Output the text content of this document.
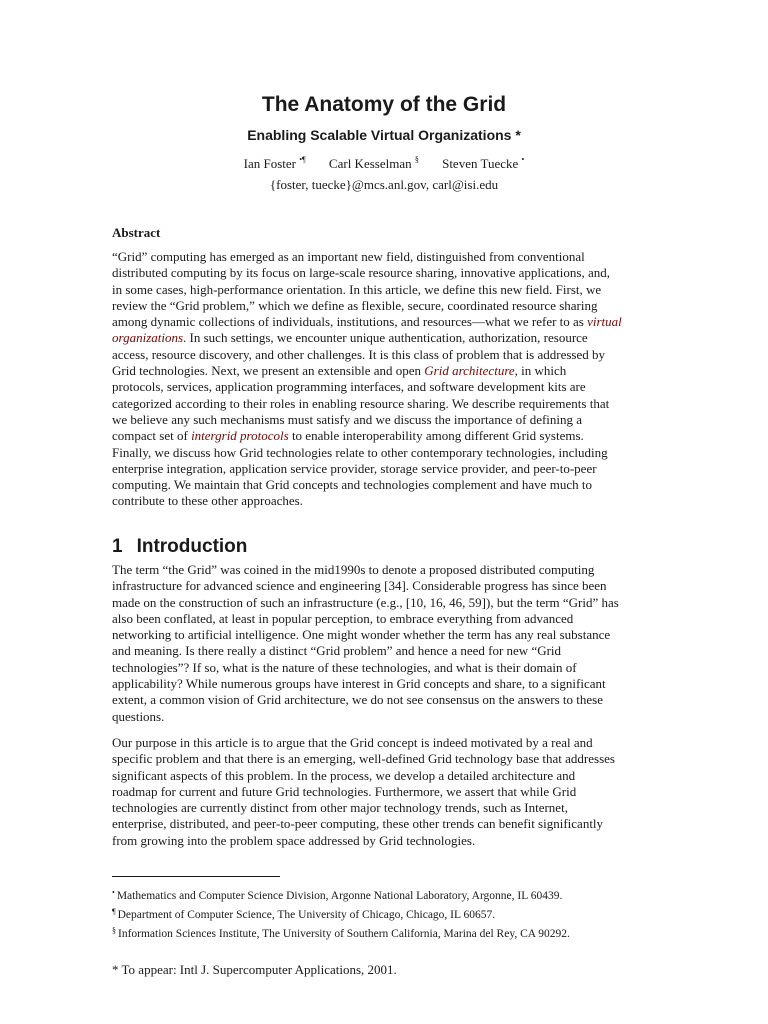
The Anatomy of the Grid
Enabling Scalable Virtual Organizations *
Ian Foster •¶ Carl Kesselman § Steven Tuecke •
{foster, tuecke}@mcs.anl.gov, carl@isi.edu
Abstract

“Grid” computing has emerged as an important new field, distinguished from conventional
distributed computing by its focus on large-scale resource sharing, innovative applications, and,
in some cases, high-performance orientation. In this article, we define this new field. First, we
review the “Grid problem,” which we define as flexible, secure, coordinated resource sharing
among dynamic collections of individuals, institutions, and resources—what we refer to as virtual
organizations. In such settings, we encounter unique authentication, authorization, resource
access, resource discovery, and other challenges. It is this class of problem that is addressed by
Grid technologies. Next, we present an extensible and open Grid architecture, in which
protocols, services, application programming interfaces, and software development kits are
categorized according to their roles in enabling resource sharing. We describe requirements that
we believe any such mechanisms must satisfy and we discuss the importance of defining a
compact set of intergrid protocols to enable interoperability among different Grid systems.
Finally, we discuss how Grid technologies relate to other contemporary technologies, including
enterprise integration, application service provider, storage service provider, and peer-to-peer
computing. We maintain that Grid concepts and technologies complement and have much to
contribute to these other approaches.

1 Introduction

The term “the Grid” was coined in the mid1990s to denote a proposed distributed computing
infrastructure for advanced science and engineering [34]. Considerable progress has since been
made on the construction of such an infrastructure (e.g., [10, 16, 46, 59]), but the term “Grid” has
also been conflated, at least in popular perception, to embrace everything from advanced
networking to artificial intelligence. One might wonder whether the term has any real substance
and meaning. Is there really a distinct “Grid problem” and hence a need for new “Grid
technologies”? If so, what is the nature of these technologies, and what is their domain of
applicability? While numerous groups have interest in Grid concepts and share, to a significant
extent, a common vision of Grid architecture, we do not see consensus on the answers to these
questions.

Our purpose in this article is to argue that the Grid concept is indeed motivated by a real and
specific problem and that there is an emerging, well-defined Grid technology base that addresses
significant aspects of this problem. In the process, we develop a detailed architecture and
roadmap for current and future Grid technologies. Furthermore, we assert that while Grid
technologies are currently distinct from other major technology trends, such as Internet,
enterprise, distributed, and peer-to-peer computing, these other trends can benefit significantly
from growing into the problem space addressed by Grid technologies.

• Mathematics and Computer Science Division, Argonne National Laboratory, Argonne, IL 60439.
¶ Department of Computer Science, The University of Chicago, Chicago, IL 60657.
§ Information Sciences Institute, The University of Southern California, Marina del Rey, CA 90292.
* To appear: Intl J. Supercomputer Applications, 2001.
